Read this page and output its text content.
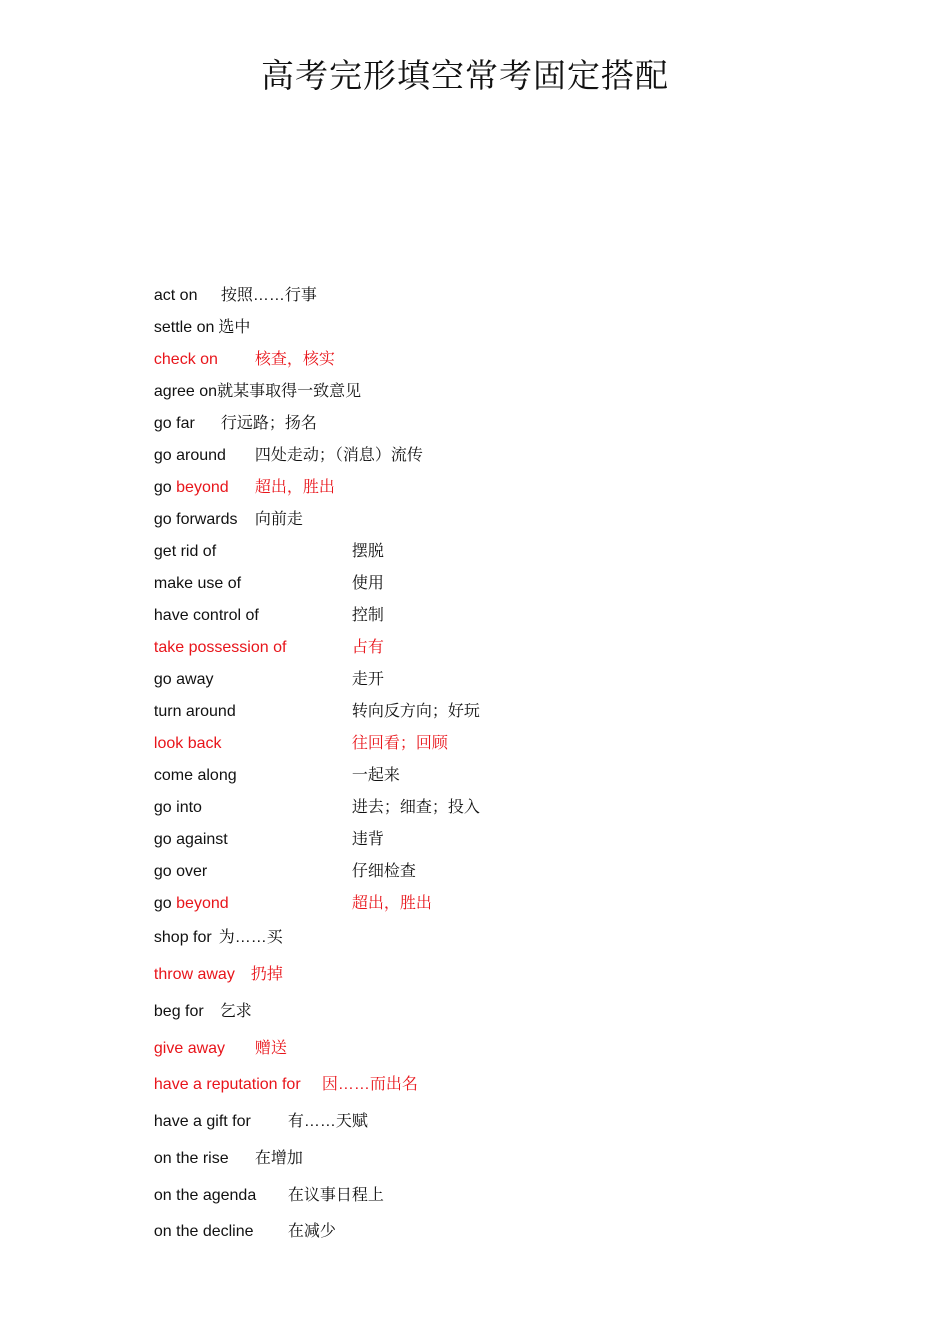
高考完形填空常考固定搭配

act on 按照……行事

settle on 选中

check on 核查，核实

agree on就某事取得一致意见

go far 行远路；扬名

go around 四处走动；（消息）流传

go beyond 超出，胜出

go forwards 向前走

get rid of	摆脱

make use of	使用

have control of	控制

take possession of	占有

go away	走开

turn around	转向反方向；好玩

look back	往回看；回顾

come along	一起来

go into	进去；细查；投入

go against	违背

go over	仔细检查

go beyond	超出，胜出

shop for 为……买

throw away 扔掉

beg for 乞求

give away 赠送

have a reputation for 因……而出名

have a gift for 有……天赋

on the rise 在增加

on the agenda 在议事日程上

on the decline 在减少
